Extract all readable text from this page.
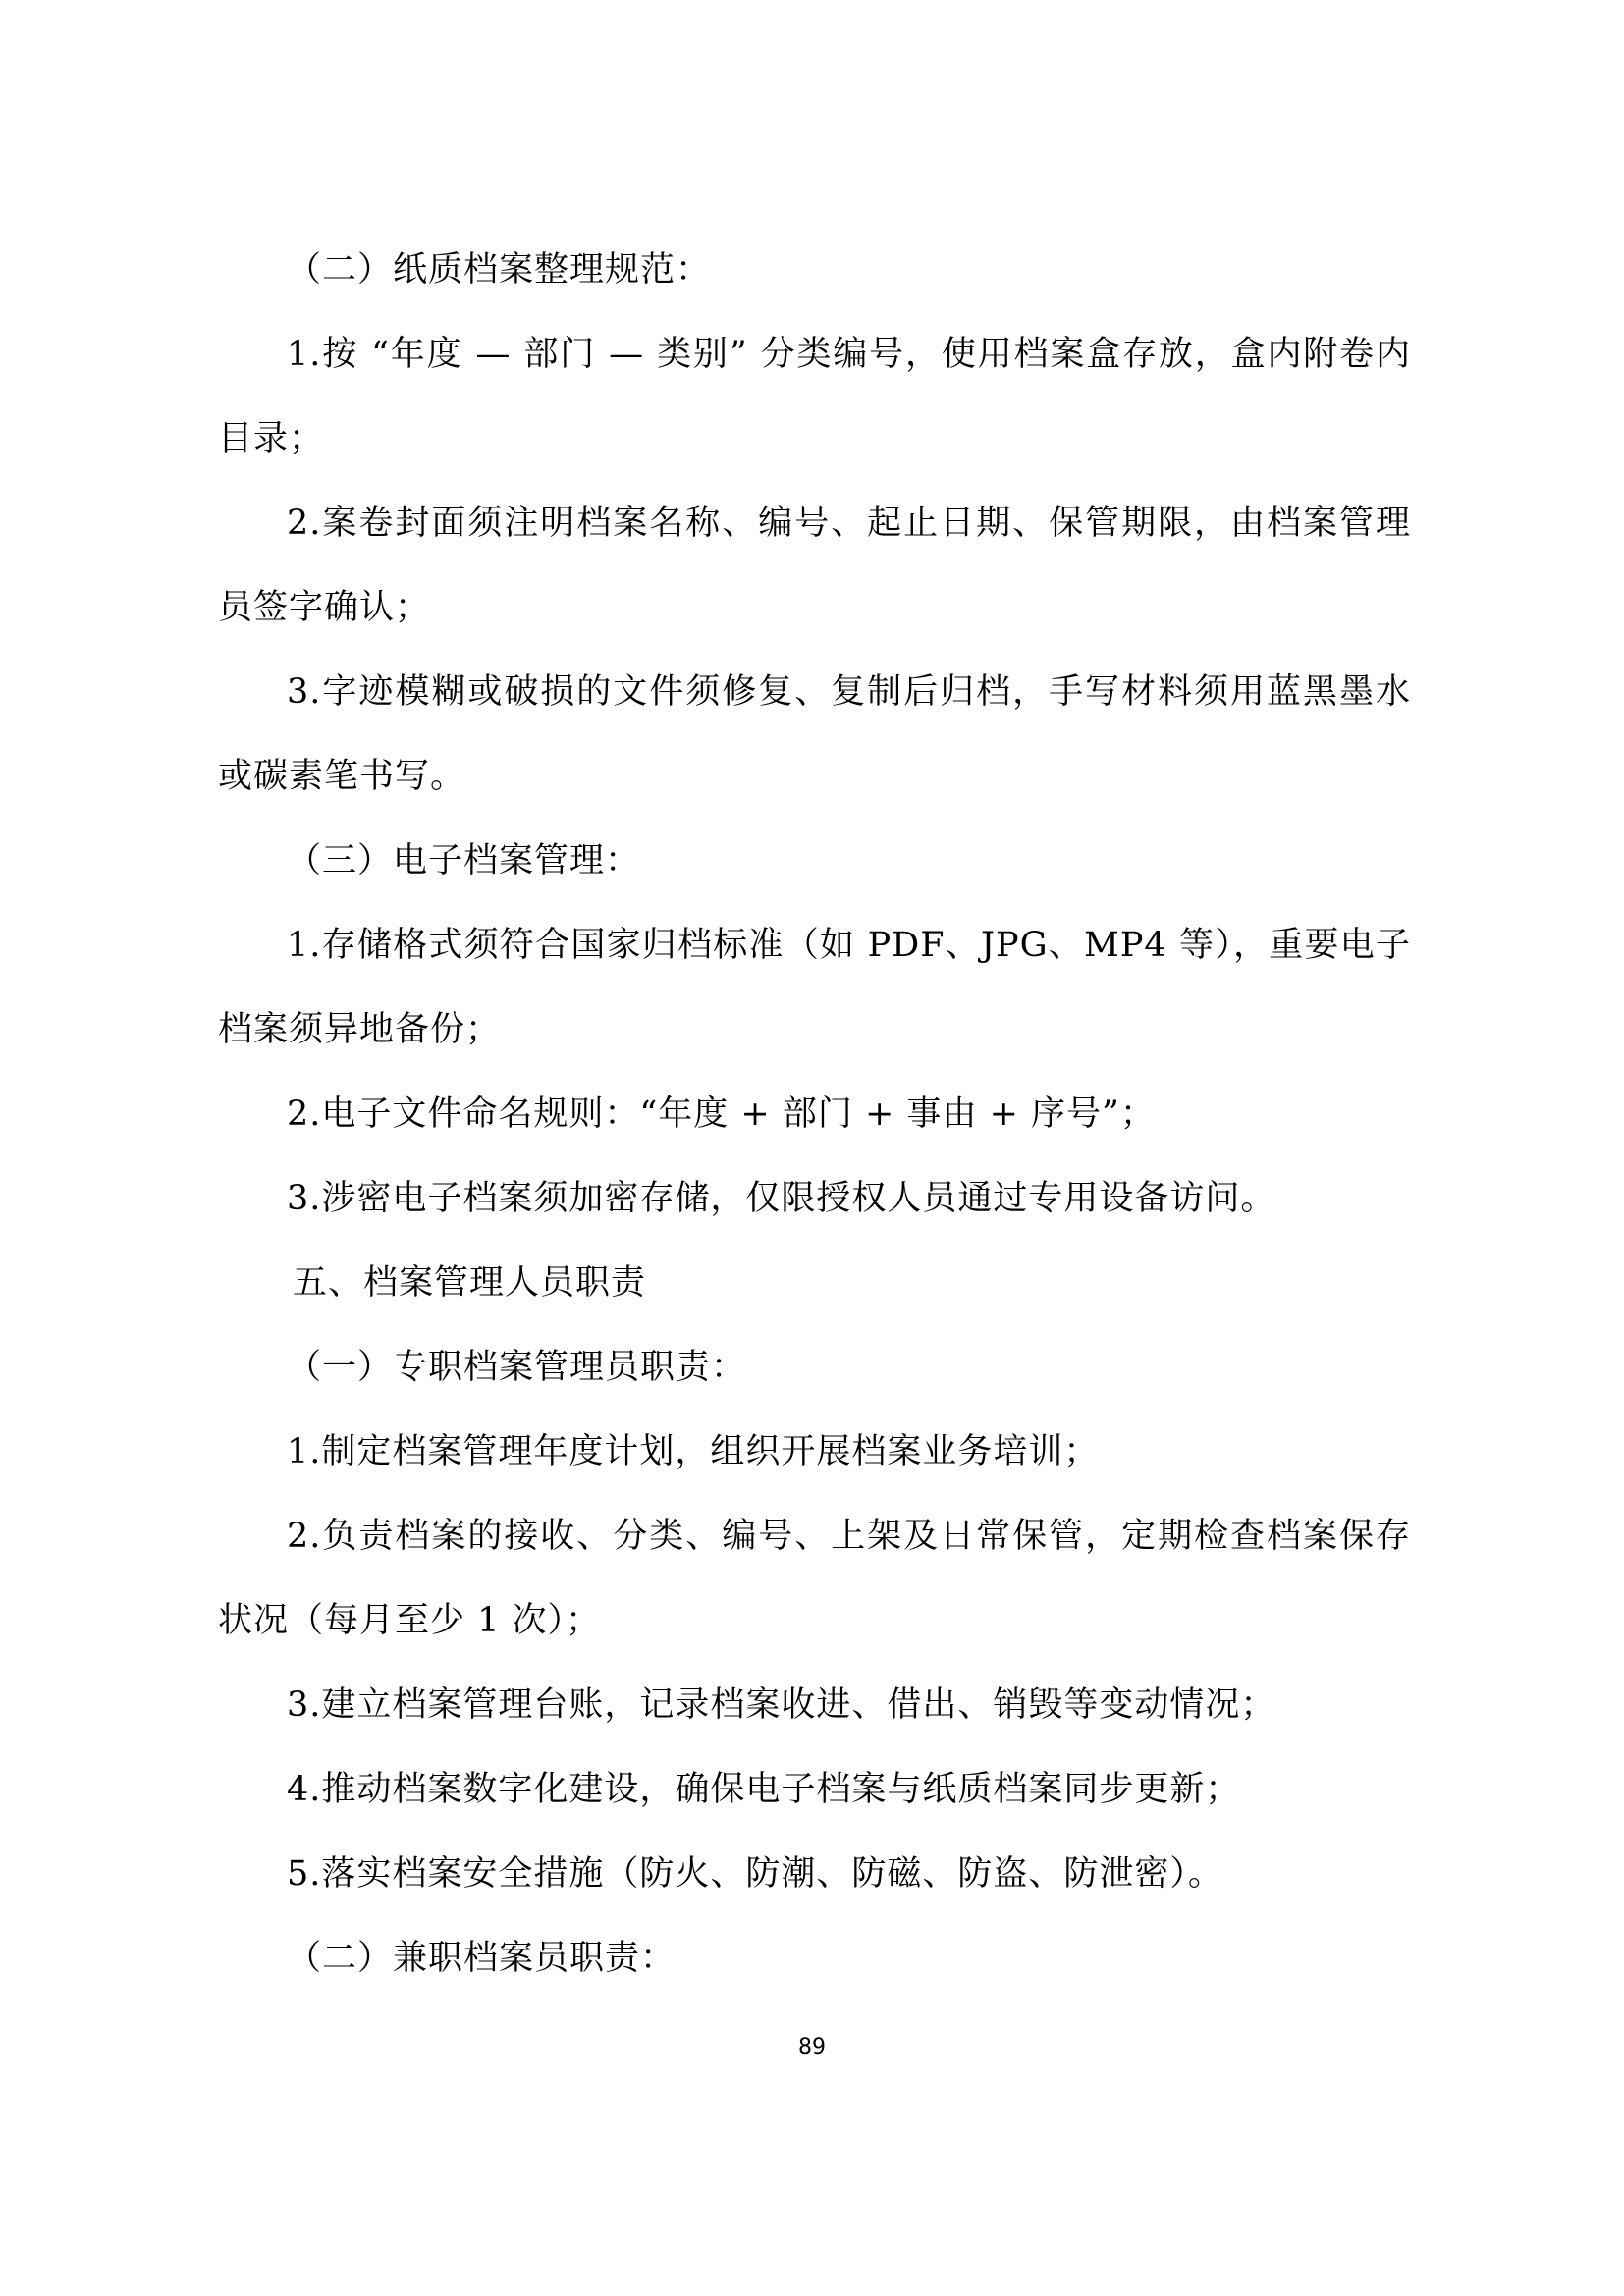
（二）纸质档案整理规范：

1.按 “年度 — 部门 — 类别” 分类编号，使用档案盒存放，盒内附卷内目录；

2.案卷封面须注明档案名称、编号、起止日期、保管期限，由档案管理员签字确认；

3.字迹模糊或破损的文件须修复、复制后归档，手写材料须用蓝黑墨水或碳素笔书写。

（三）电子档案管理：

1.存储格式须符合国家归档标准（如 PDF、JPG、MP4 等），重要电子档案须异地备份；

2.电子文件命名规则：“年度 + 部门 + 事由 + 序号”；

3.涉密电子档案须加密存储，仅限授权人员通过专用设备访问。

五、档案管理人员职责

（一）专职档案管理员职责：

1.制定档案管理年度计划，组织开展档案业务培训；

2.负责档案的接收、分类、编号、上架及日常保管，定期检查档案保存状况（每月至少 1 次）；

3.建立档案管理台账，记录档案收进、借出、销毁等变动情况；

4.推动档案数字化建设，确保电子档案与纸质档案同步更新；

5.落实档案安全措施（防火、防潮、防磁、防盗、防泄密）。

（二）兼职档案员职责：

89
